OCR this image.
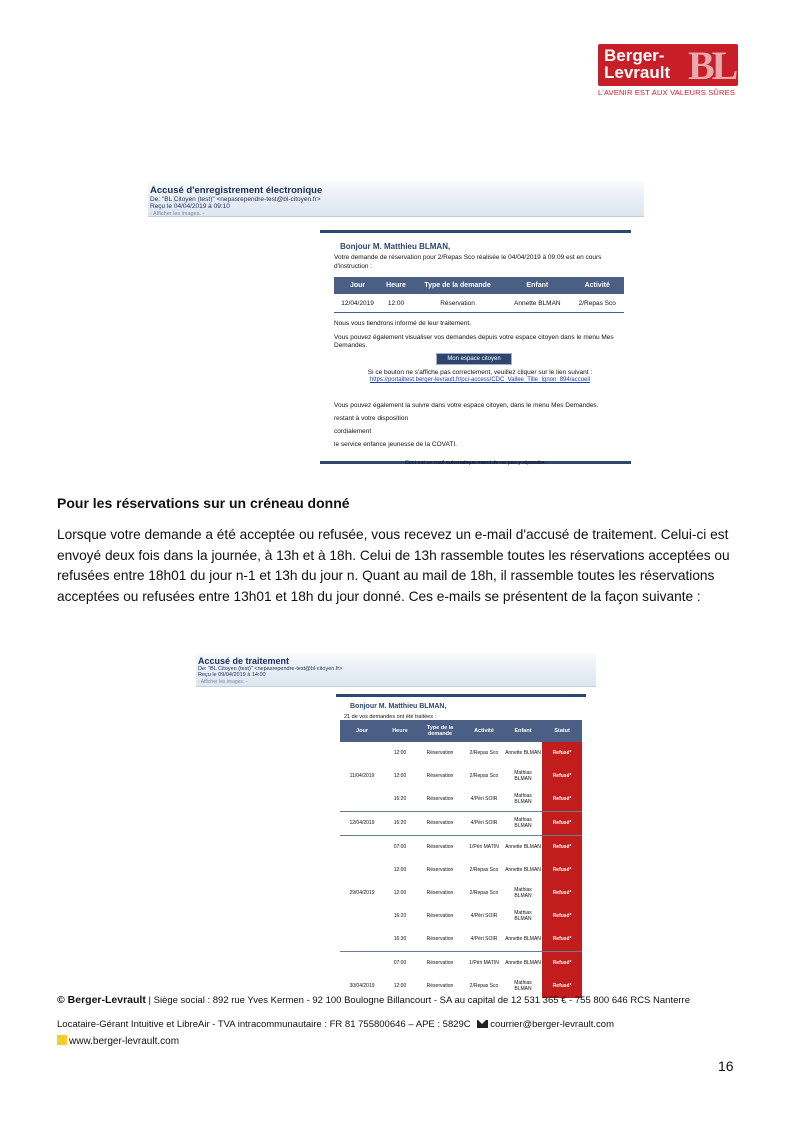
BL
Berger-
Levrault
L'AVENIR EST AUX VALEURS SÛRES
Accusé d'enregistrement électronique
De: "BL Citoyen (test)" <nepasrependre-test@bl-citoyen.fr>
Reçu le 04/04/2019 à 09:10
- Afficher les images. -
Bonjour M. Matthieu BLMAN,
Votre demande de réservation pour 2/Repas Sco réalisée le 04/04/2019 à 09:09 est en cours d'instruction :
Jour	Heure	Type de la demande	Enfant	Activité
12/04/2019	12:00	Réservation	Annette BLMAN	2/Repas Sco
Nous vous tiendrons informé de leur traitement.
Vous pouvez également visualiser vos demandes depuis votre espace citoyen dans le menu Mes Demandes.
Mon espace citoyen
Si ce bouton ne s'affiche pas correctement, veuillez cliquer sur le lien suivant :
https://portailtest.berger-levrault.fr/pci-access/CDC_Vallee_Tille_Ignon_894/accueil
Vous pouvez également la suivre dans votre espace citoyen, dans le menu Mes Demandes.
restant à votre disposition
cordialement
le service enfance jeunesse de la COVATI.
Ceci est un mail automatique merci de ne pas y répondre.
Pour les réservations sur un créneau donné
Lorsque votre demande a été acceptée ou refusée, vous recevez un e-mail d'accusé de traitement. Celui-ci est envoyé deux fois dans la journée, à 13h et à 18h. Celui de 13h rassemble toutes les réservations acceptées ou refusées entre 18h01 du jour n-1 et 13h du jour n. Quant au mail de 18h, il rassemble toutes les réservations acceptées ou refusées entre 13h01 et 18h du jour donné. Ces e-mails se présentent de la façon suivante :
Accusé de traitement
De: "BL Citoyen (test)" <nepasrependre-test@bl-citoyen.fr>
Reçu le 09/04/2019 à 14:00
- Afficher les images. -
Bonjour M. Matthieu BLMAN,
21 de vos demandes ont été traitées :
Jour	Heure	Type de la demande	Activité	Enfant	Statut
	12:00	Réservation	2/Repas Sco	Annette BLMAN	Refusé*
11/04/2019	12:00	Réservation	2/Repas Sco	Mathias BLMAN	Refusé*
	16:20	Réservation	4/Péri SOIR	Mathias BLMAN	Refusé*
12/04/2019	16:20	Réservation	4/Péri SOIR	Mathias BLMAN	Refusé*
	07:00	Réservation	1/Péri MATIN	Annette BLMAN	Refusé*
	12:00	Réservation	2/Repas Sco	Annette BLMAN	Refusé*
29/04/2019	12:00	Réservation	2/Repas Sco	Mathias BLMAN	Refusé*
	16:20	Réservation	4/Péri SOIR	Mathias BLMAN	Refusé*
	16:30	Réservation	4/Péri SOIR	Annette BLMAN	Refusé*
	07:00	Réservation	1/Péri MATIN	Annette BLMAN	Refusé*
30/04/2019	12:00	Réservation	2/Repas Sco	Mathias BLMAN	Refusé*
© Berger-Levrault | Siège social : 892 rue Yves Kermen - 92 100 Boulogne Billancourt - SA au capital de 12 531 365 € - 755 800 646 RCS Nanterre
Locataire-Gérant Intuitive et LibreAir - TVA intracommunautaire : FR 81 755800646 – APE : 5829C courrier@berger-levrault.com
www.berger-levrault.com
16
